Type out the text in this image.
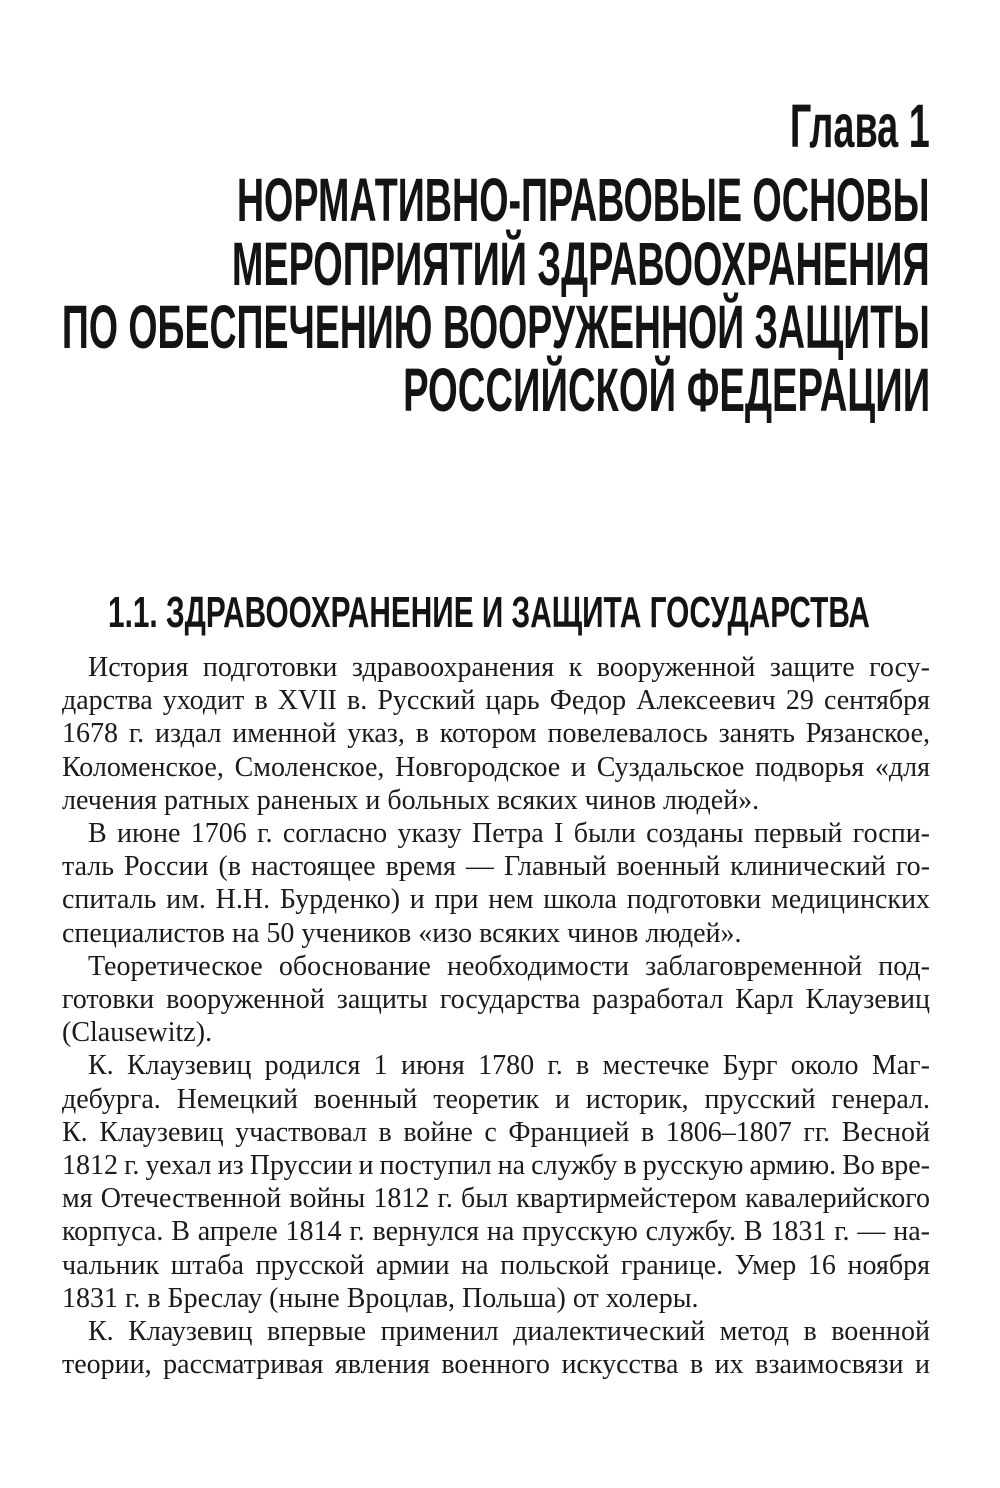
Глава 1
НОРМАТИВНО-ПРАВОВЫЕ ОСНОВЫ
МЕРОПРИЯТИЙ ЗДРАВООХРАНЕНИЯ
ПО ОБЕСПЕЧЕНИЮ ВООРУЖЕННОЙ ЗАЩИТЫ
РОССИЙСКОЙ ФЕДЕРАЦИИ
1.1. ЗДРАВООХРАНЕНИЕ И ЗАЩИТА ГОСУДАРСТВА
История подготовки здравоохранения к вооруженной защите госу-
дарства уходит в XVII в. Русский царь Федор Алексеевич 29 сентября
1678 г. издал именной указ, в котором повелевалось занять Рязанское,
Коломенское, Смоленское, Новгородское и Суздальское подворья «для
лечения ратных раненых и больных всяких чинов людей».
В июне 1706 г. согласно указу Петра I были созданы первый госпи-
таль России (в настоящее время — Главный военный клинический го-
спиталь им. Н.Н. Бурденко) и при нем школа подготовки медицинских
специалистов на 50 учеников «изо всяких чинов людей».
Теоретическое обоснование необходимости заблаговременной под-
готовки вооруженной защиты государства разработал Карл Клаузевиц
(Clausewitz).
К. Клаузевиц родился 1 июня 1780 г. в местечке Бург около Маг-
дебурга. Немецкий военный теоретик и историк, прусский генерал.
К. Клаузевиц участвовал в войне с Францией в 1806–1807 гг. Весной
1812 г. уехал из Пруссии и поступил на службу в русскую армию. Во вре-
мя Отечественной войны 1812 г. был квартирмейстером кавалерийского
корпуса. В апреле 1814 г. вернулся на прусскую службу. В 1831 г. — на-
чальник штаба прусской армии на польской границе. Умер 16 ноября
1831 г. в Бреслау (ныне Вроцлав, Польша) от холеры.
К. Клаузевиц впервые применил диалектический метод в военной
теории, рассматривая явления военного искусства в их взаимосвязи и
